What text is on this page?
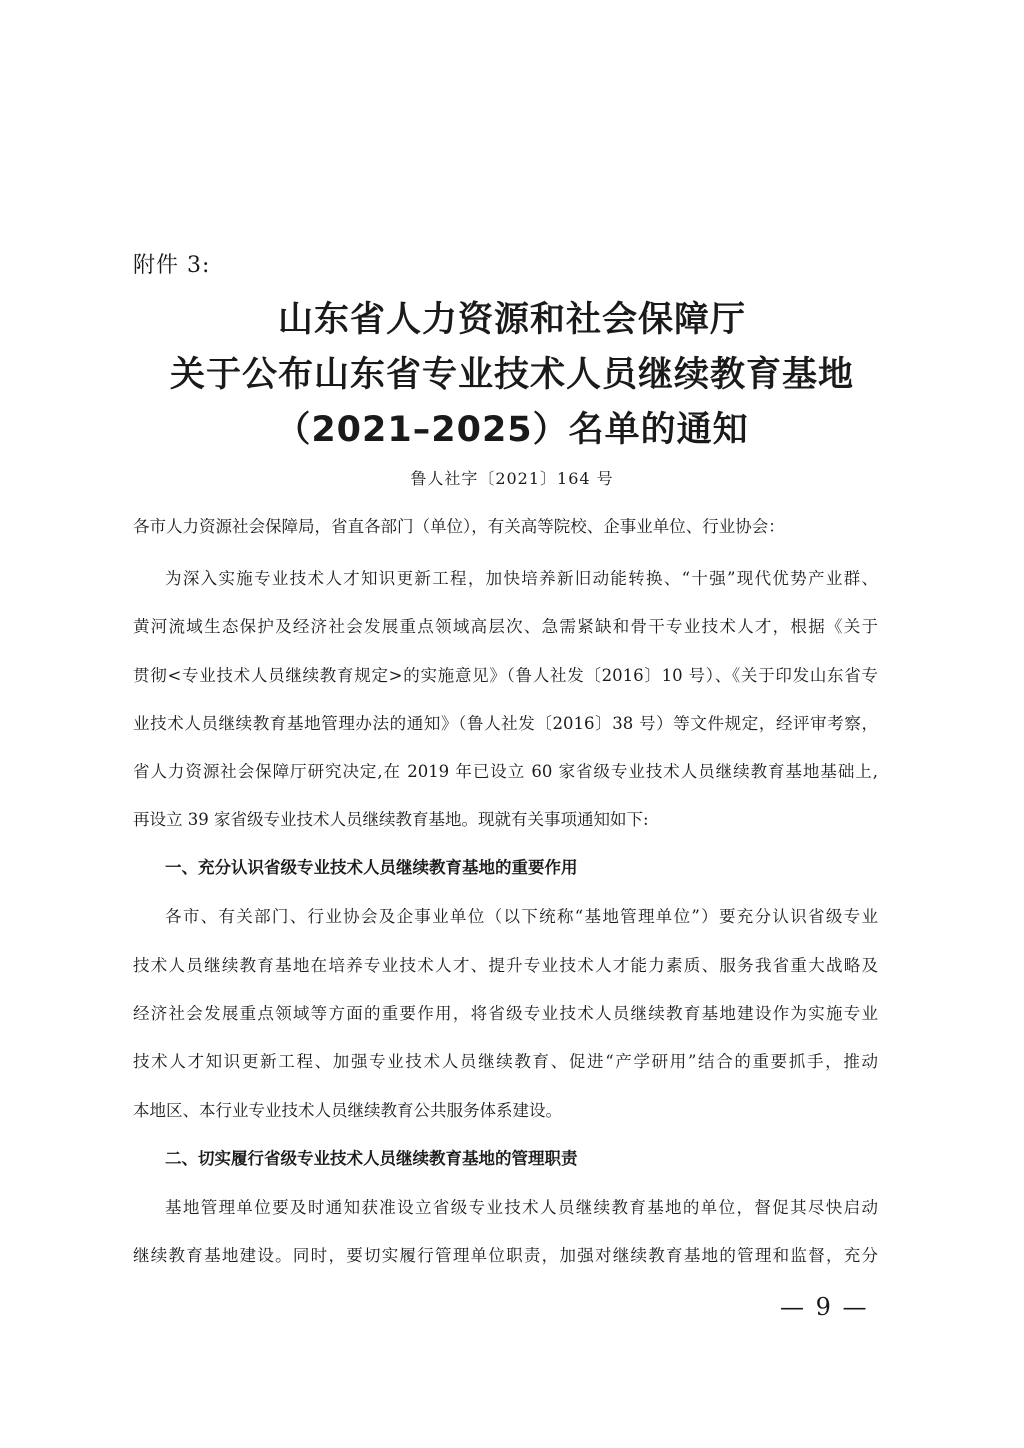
附件 3:
山东省人力资源和社会保障厅
关于公布山东省专业技术人员继续教育基地
（2021–2025）名单的通知
鲁人社字〔2021〕164 号
各市人力资源社会保障局，省直各部门（单位），有关高等院校、企事业单位、行业协会：
为深入实施专业技术人才知识更新工程，加快培养新旧动能转换、“十强”现代优势产业群、
黄河流域生态保护及经济社会发展重点领域高层次、急需紧缺和骨干专业技术人才，根据《关于
贯彻<专业技术人员继续教育规定>的实施意见》（鲁人社发〔2016〕10 号）、《关于印发山东省专
业技术人员继续教育基地管理办法的通知》（鲁人社发〔2016〕38 号）等文件规定，经评审考察，
省人力资源社会保障厅研究决定,在 2019 年已设立 60 家省级专业技术人员继续教育基地基础上,
再设立 39 家省级专业技术人员继续教育基地。现就有关事项通知如下:
一、充分认识省级专业技术人员继续教育基地的重要作用
各市、有关部门、行业协会及企事业单位（以下统称“基地管理单位”）要充分认识省级专业
技术人员继续教育基地在培养专业技术人才、提升专业技术人才能力素质、服务我省重大战略及
经济社会发展重点领域等方面的重要作用，将省级专业技术人员继续教育基地建设作为实施专业
技术人才知识更新工程、加强专业技术人员继续教育、促进“产学研用”结合的重要抓手，推动
本地区、本行业专业技术人员继续教育公共服务体系建设。
二、切实履行省级专业技术人员继续教育基地的管理职责
基地管理单位要及时通知获准设立省级专业技术人员继续教育基地的单位，督促其尽快启动
继续教育基地建设。同时，要切实履行管理单位职责，加强对继续教育基地的管理和监督，充分
— 9 —
